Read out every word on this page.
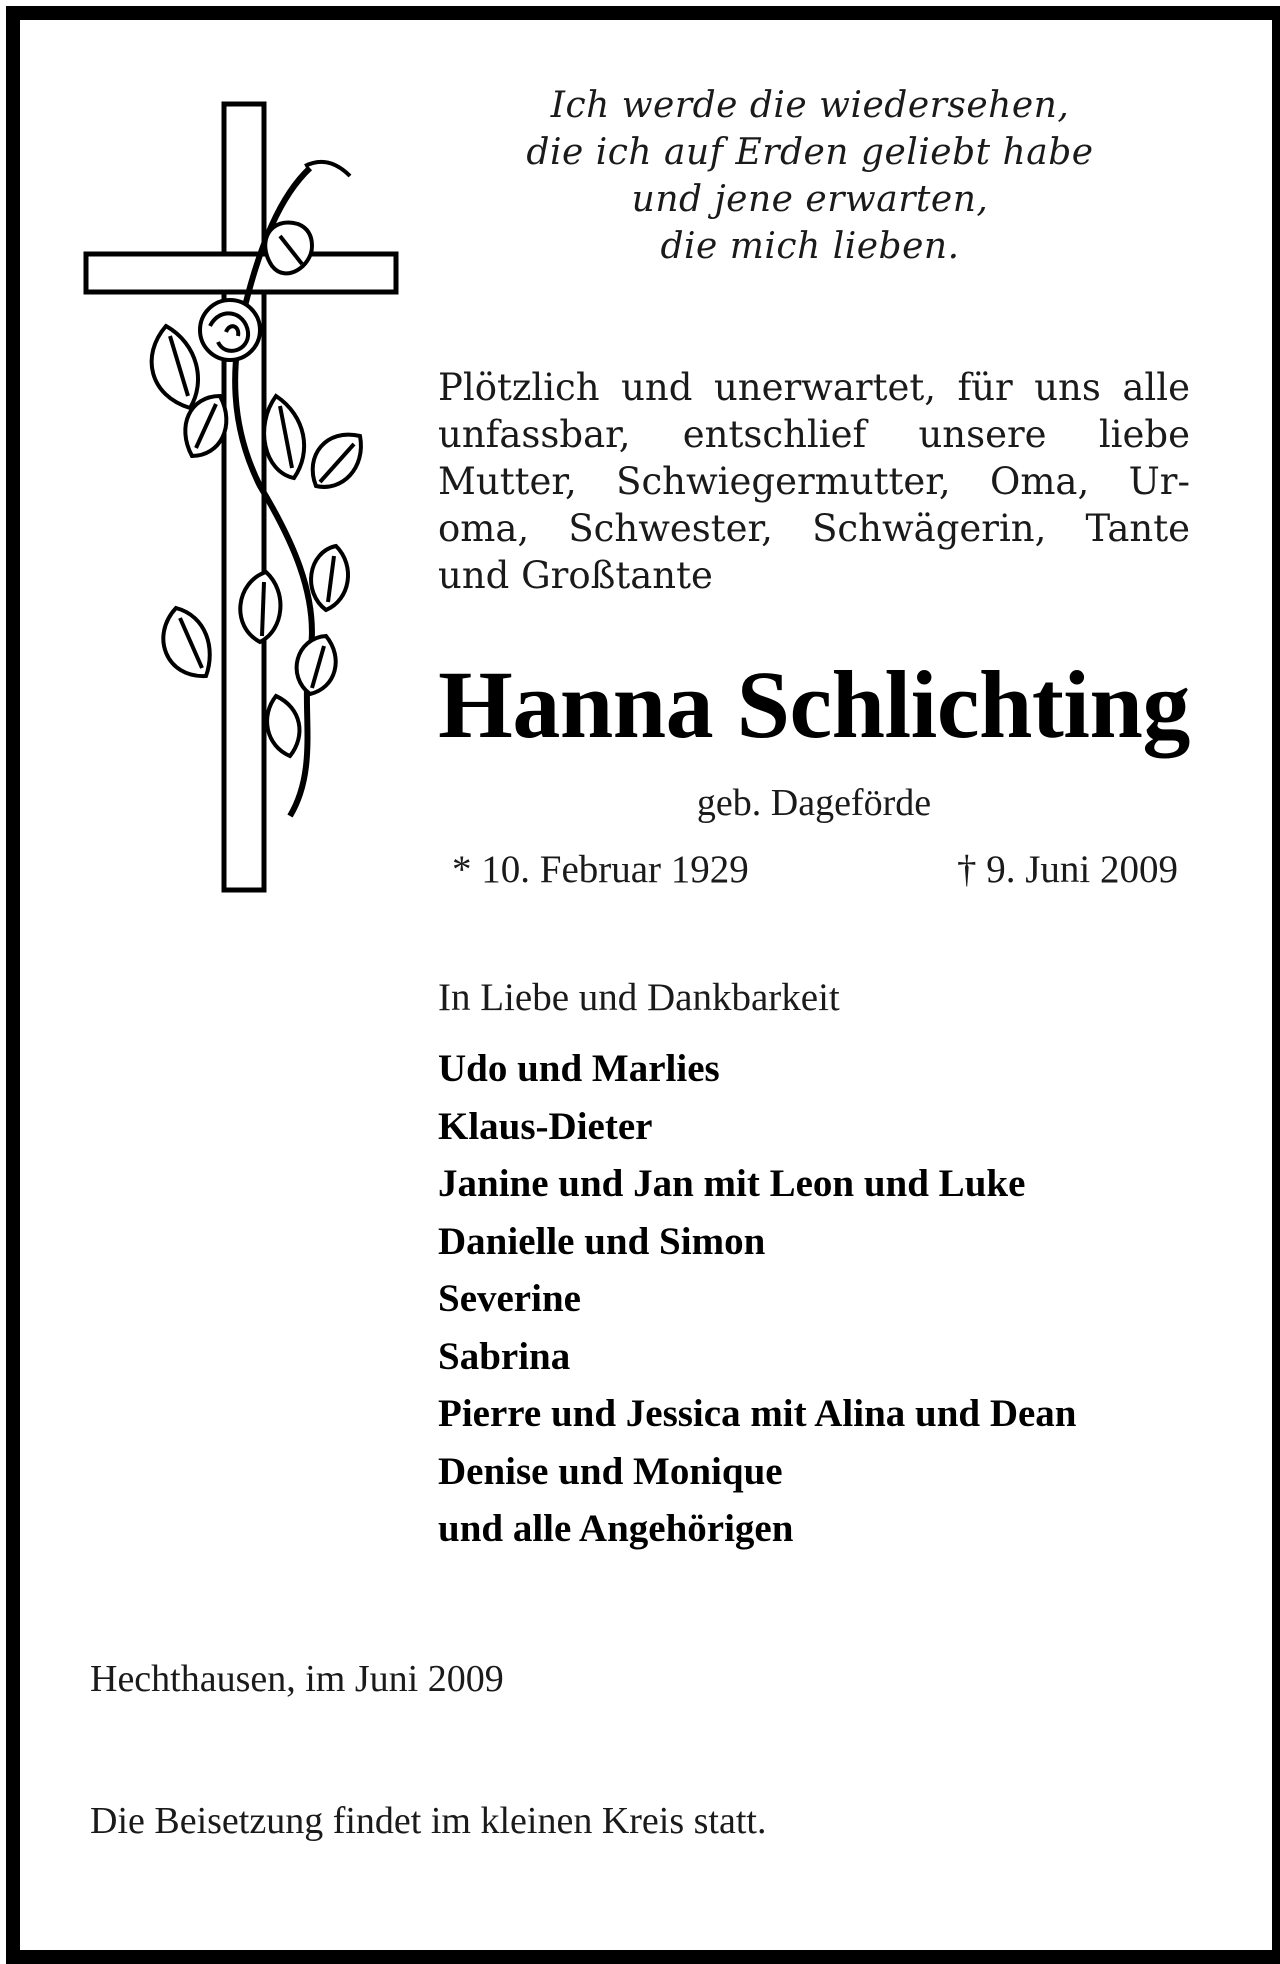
Ich werde die wiedersehen,
die ich auf Erden geliebt habe
und jene erwarten,
die mich lieben.
Plötzlich und unerwartet, für uns alle
unfassbar, entschlief unsere liebe
Mutter, Schwiegermutter, Oma, Ur-
oma, Schwester, Schwägerin, Tante
und Großtante
Hanna Schlichting
geb. Dageförde
* 10. Februar 1929	† 9. Juni 2009
In Liebe und Dankbarkeit
Udo und Marlies
Klaus-Dieter
Janine und Jan mit Leon und Luke
Danielle und Simon
Severine
Sabrina
Pierre und Jessica mit Alina und Dean
Denise und Monique
und alle Angehörigen
Hechthausen, im Juni 2009
Die Beisetzung findet im kleinen Kreis statt.
